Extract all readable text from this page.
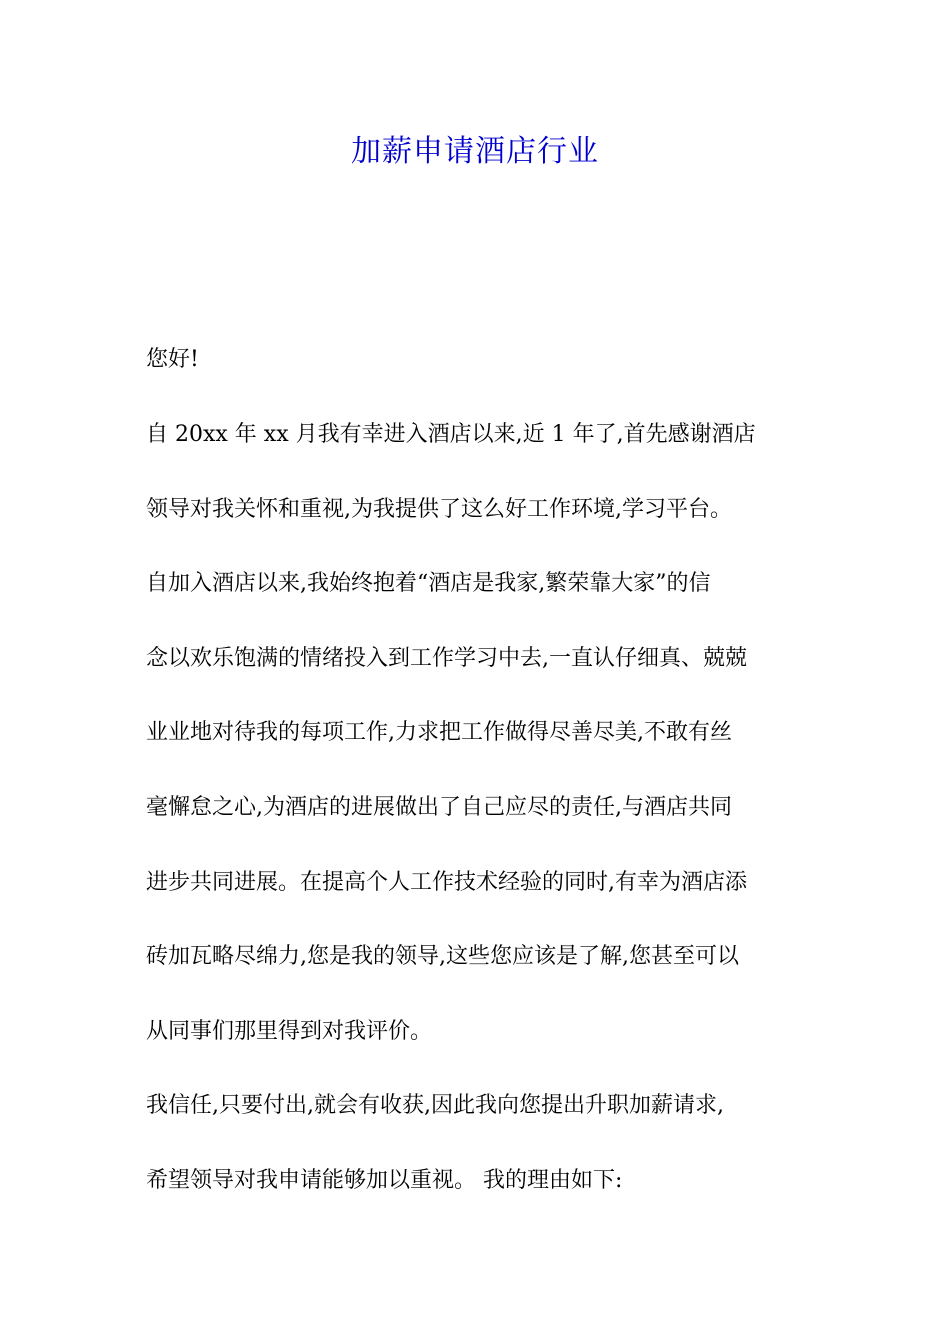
加薪申请酒店行业
您好!
自 20xx 年 xx 月我有幸进入酒店以来,近 1 年了,首先感谢酒店
领导对我关怀和重视,为我提供了这么好工作环境,学习平台。
自加入酒店以来,我始终抱着“酒店是我家,繁荣靠大家”的信
念以欢乐饱满的情绪投入到工作学习中去,一直认仔细真、兢兢
业业地对待我的每项工作,力求把工作做得尽善尽美,不敢有丝
毫懈怠之心,为酒店的进展做出了自己应尽的责任,与酒店共同
进步共同进展。在提高个人工作技术经验的同时,有幸为酒店添
砖加瓦略尽绵力,您是我的领导,这些您应该是了解,您甚至可以
从同事们那里得到对我评价。
我信任,只要付出,就会有收获,因此我向您提出升职加薪请求,
希望领导对我申请能够加以重视。 我的理由如下:
